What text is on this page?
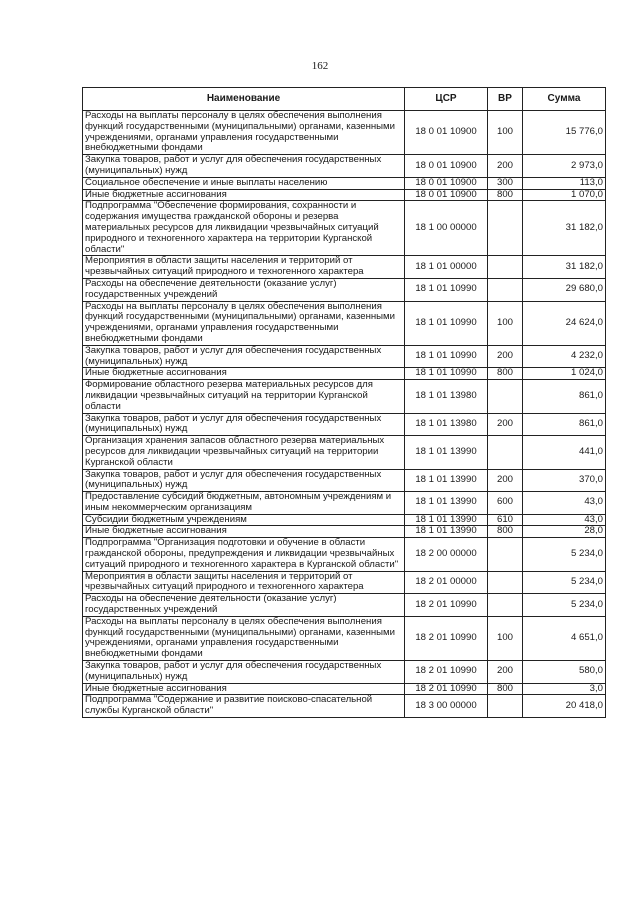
162
Наименование	ЦСР	ВР	Сумма
Расходы на выплаты персоналу в целях обеспечения выполнения функций государственными (муниципальными) органами, казенными учреждениями, органами управления государственными внебюджетными фондами	18 0 01 10900	100	15 776,0
Закупка товаров, работ и услуг для обеспечения государственных (муниципальных) нужд	18 0 01 10900	200	2 973,0
Социальное обеспечение и иные выплаты населению	18 0 01 10900	300	113,0
Иные бюджетные ассигнования	18 0 01 10900	800	1 070,0
Подпрограмма "Обеспечение формирования, сохранности и содержания имущества гражданской обороны и резерва материальных ресурсов для ликвидации чрезвычайных ситуаций природного и техногенного характера на территории Курганской области"	18 1 00 00000		31 182,0
Мероприятия в области защиты населения и территорий от чрезвычайных ситуаций природного и техногенного характера	18 1 01 00000		31 182,0
Расходы на обеспечение деятельности (оказание услуг) государственных учреждений	18 1 01 10990		29 680,0
Расходы на выплаты персоналу в целях обеспечения выполнения функций государственными (муниципальными) органами, казенными учреждениями, органами управления государственными внебюджетными фондами	18 1 01 10990	100	24 624,0
Закупка товаров, работ и услуг для обеспечения государственных (муниципальных) нужд	18 1 01 10990	200	4 232,0
Иные бюджетные ассигнования	18 1 01 10990	800	1 024,0
Формирование областного резерва материальных ресурсов для ликвидации чрезвычайных ситуаций на территории Курганской области	18 1 01 13980		861,0
Закупка товаров, работ и услуг для обеспечения государственных (муниципальных) нужд	18 1 01 13980	200	861,0
Организация хранения запасов областного резерва материальных ресурсов для ликвидации чрезвычайных ситуаций на территории Курганской области	18 1 01 13990		441,0
Закупка товаров, работ и услуг для обеспечения государственных (муниципальных) нужд	18 1 01 13990	200	370,0
Предоставление субсидий бюджетным, автономным учреждениям и иным некоммерческим организациям	18 1 01 13990	600	43,0
Субсидии бюджетным учреждениям	18 1 01 13990	610	43,0
Иные бюджетные ассигнования	18 1 01 13990	800	28,0
Подпрограмма "Организация подготовки и обучение в области гражданской обороны, предупреждения и ликвидации чрезвычайных ситуаций природного и техногенного характера в Курганской области"	18 2 00 00000		5 234,0
Мероприятия в области защиты населения и территорий от чрезвычайных ситуаций природного и техногенного характера	18 2 01 00000		5 234,0
Расходы на обеспечение деятельности (оказание услуг) государственных учреждений	18 2 01 10990		5 234,0
Расходы на выплаты персоналу в целях обеспечения выполнения функций государственными (муниципальными) органами, казенными учреждениями, органами управления государственными внебюджетными фондами	18 2 01 10990	100	4 651,0
Закупка товаров, работ и услуг для обеспечения государственных (муниципальных) нужд	18 2 01 10990	200	580,0
Иные бюджетные ассигнования	18 2 01 10990	800	3,0
Подпрограмма "Содержание и развитие поисково-спасательной службы Курганской области"	18 3 00 00000		20 418,0
